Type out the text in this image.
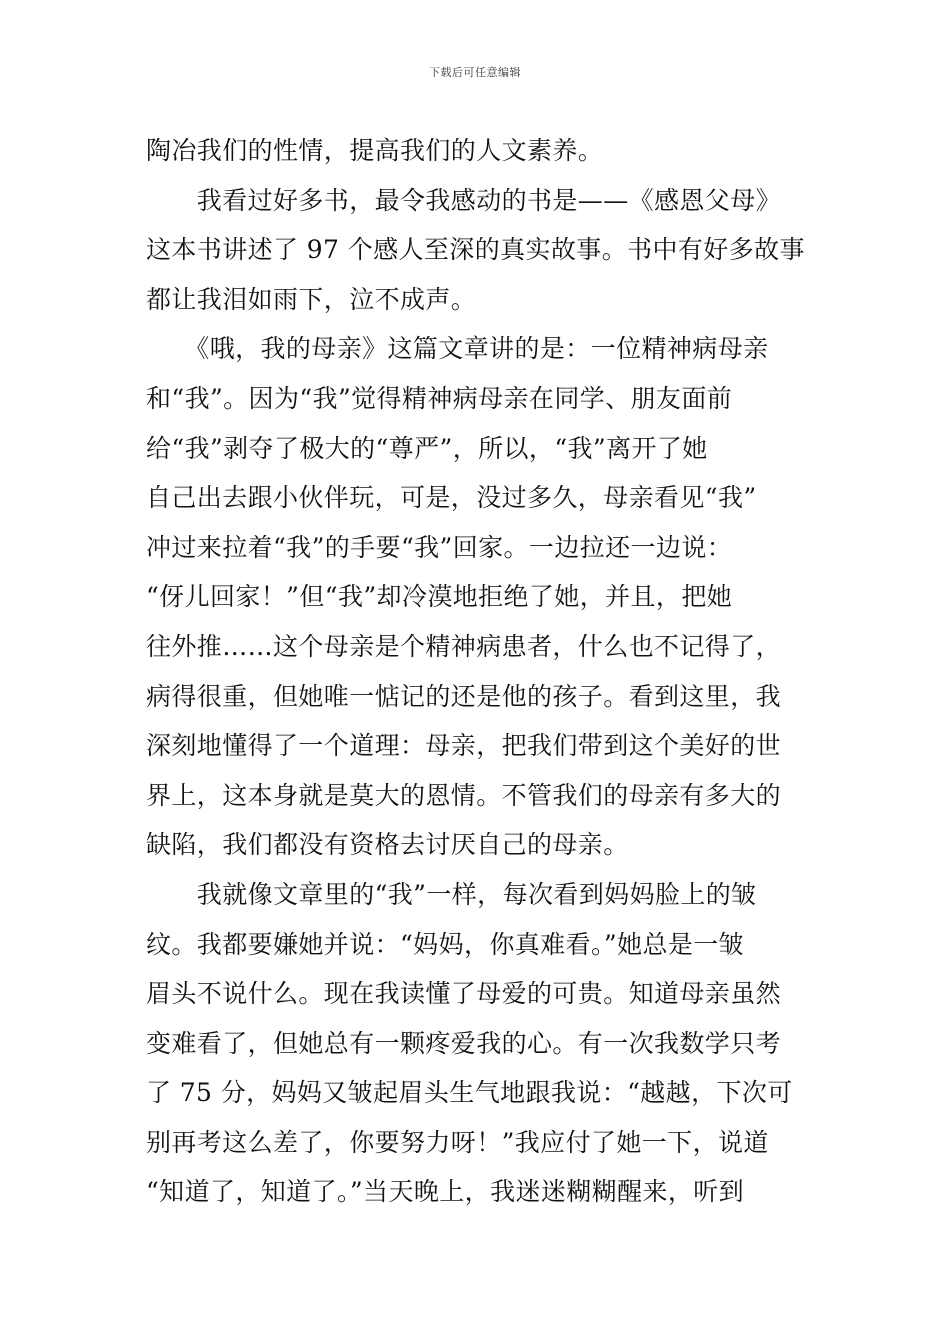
下载后可任意编辑
陶冶我们的性情，提高我们的人文素养。
　　我看过好多书，最令我感动的书是——《感恩父母》
这本书讲述了 97 个感人至深的真实故事。书中有好多故事
都让我泪如雨下，泣不成声。
　　《哦，我的母亲》这篇文章讲的是：一位精神病母亲
和“我”。因为“我”觉得精神病母亲在同学、朋友面前
给“我”剥夺了极大的“尊严”，所以，“我”离开了她
自己出去跟小伙伴玩，可是，没过多久，母亲看见“我”
冲过来拉着“我”的手要“我”回家。一边拉还一边说：
“伢儿回家！”但“我”却冷漠地拒绝了她，并且，把她
往外推……这个母亲是个精神病患者，什么也不记得了，
病得很重，但她唯一惦记的还是他的孩子。看到这里，我
深刻地懂得了一个道理：母亲，把我们带到这个美好的世
界上，这本身就是莫大的恩情。不管我们的母亲有多大的
缺陷，我们都没有资格去讨厌自己的母亲。
　　我就像文章里的“我”一样，每次看到妈妈脸上的皱
纹。我都要嫌她并说：“妈妈，你真难看。”她总是一皱
眉头不说什么。现在我读懂了母爱的可贵。知道母亲虽然
变难看了，但她总有一颗疼爱我的心。有一次我数学只考
了 75 分，妈妈又皱起眉头生气地跟我说：“越越，下次可
别再考这么差了，你要努力呀！”我应付了她一下，说道
“知道了，知道了。”当天晚上，我迷迷糊糊醒来，听到
